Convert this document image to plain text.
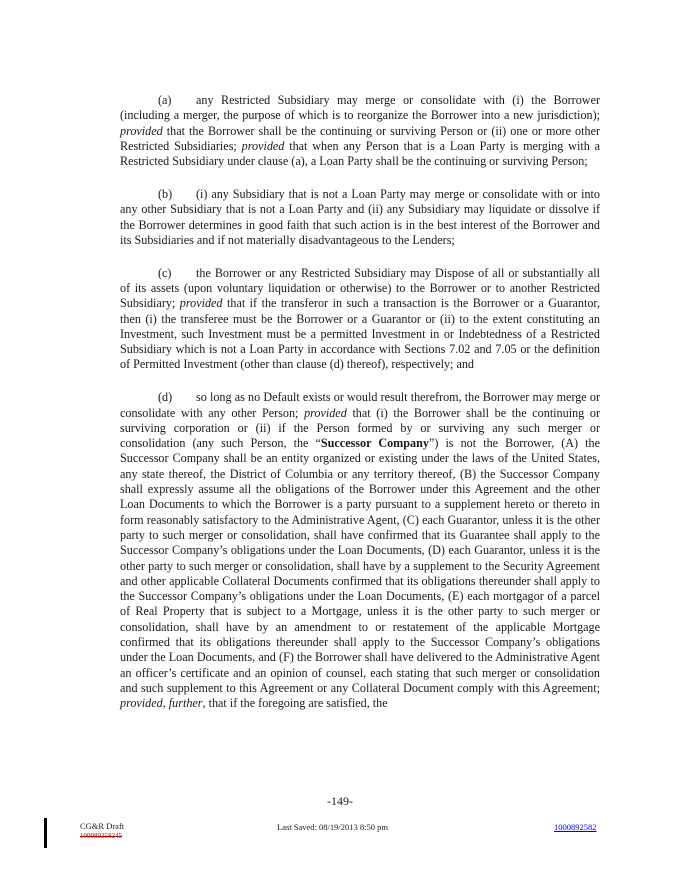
(a) any Restricted Subsidiary may merge or consolidate with (i) the Borrower (including a merger, the purpose of which is to reorganize the Borrower into a new jurisdiction); provided that the Borrower shall be the continuing or surviving Person or (ii) one or more other Restricted Subsidiaries; provided that when any Person that is a Loan Party is merging with a Restricted Subsidiary under clause (a), a Loan Party shall be the continuing or surviving Person;

(b) (i) any Subsidiary that is not a Loan Party may merge or consolidate with or into any other Subsidiary that is not a Loan Party and (ii) any Subsidiary may liquidate or dissolve if the Borrower determines in good faith that such action is in the best interest of the Borrower and its Subsidiaries and if not materially disadvantageous to the Lenders;

(c) the Borrower or any Restricted Subsidiary may Dispose of all or substantially all of its assets (upon voluntary liquidation or otherwise) to the Borrower or to another Restricted Subsidiary; provided that if the transferor in such a transaction is the Borrower or a Guarantor, then (i) the transferee must be the Borrower or a Guarantor or (ii) to the extent constituting an Investment, such Investment must be a permitted Investment in or Indebtedness of a Restricted Subsidiary which is not a Loan Party in accordance with Sections 7.02 and 7.05 or the definition of Permitted Investment (other than clause (d) thereof), respectively; and

(d) so long as no Default exists or would result therefrom, the Borrower may merge or consolidate with any other Person; provided that (i) the Borrower shall be the continuing or surviving corporation or (ii) if the Person formed by or surviving any such merger or consolidation (any such Person, the “Successor Company”) is not the Borrower, (A) the Successor Company shall be an entity organized or existing under the laws of the United States, any state thereof, the District of Columbia or any territory thereof, (B) the Successor Company shall expressly assume all the obligations of the Borrower under this Agreement and the other Loan Documents to which the Borrower is a party pursuant to a supplement hereto or thereto in form reasonably satisfactory to the Administrative Agent, (C) each Guarantor, unless it is the other party to such merger or consolidation, shall have confirmed that its Guarantee shall apply to the Successor Company’s obligations under the Loan Documents, (D) each Guarantor, unless it is the other party to such merger or consolidation, shall have by a supplement to the Security Agreement and other applicable Collateral Documents confirmed that its obligations thereunder shall apply to the Successor Company’s obligations under the Loan Documents, (E) each mortgagor of a parcel of Real Property that is subject to a Mortgage, unless it is the other party to such merger or consolidation, shall have by an amendment to or restatement of the applicable Mortgage confirmed that its obligations thereunder shall apply to the Successor Company’s obligations under the Loan Documents, and (F) the Borrower shall have delivered to the Administrative Agent an officer’s certificate and an opinion of counsel, each stating that such merger or consolidation and such supplement to this Agreement or any Collateral Document comply with this Agreement; provided, further, that if the foregoing are satisfied, the

-149-
CG&R Draft
100089258245
Last Saved: 08/19/2013 8:50 pm	1000892582
